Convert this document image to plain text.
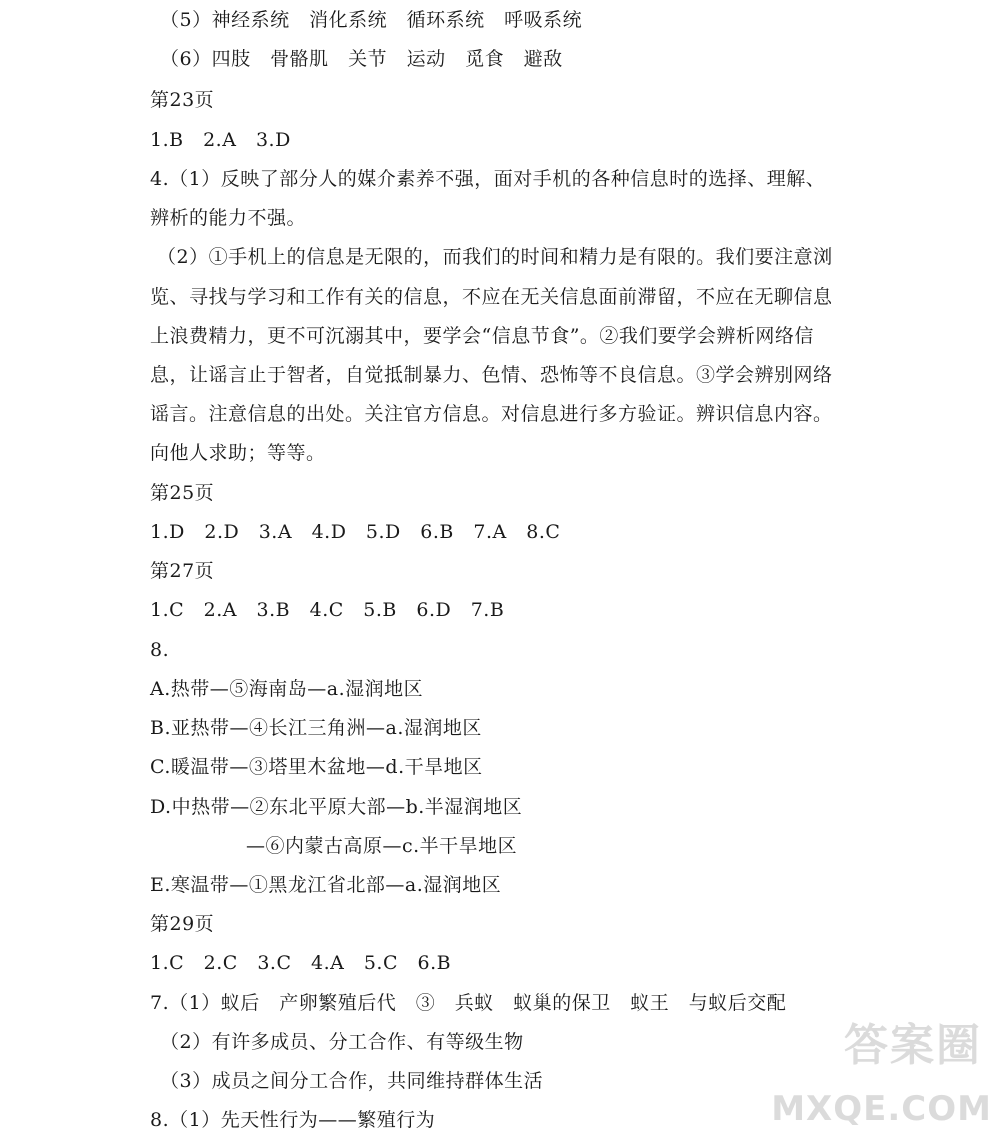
（5）神经系统　消化系统　循环系统　呼吸系统
（6）四肢　骨骼肌　关节　运动　觅食　避敌
第23页
1.B　2.A　3.D
4.（1）反映了部分人的媒介素养不强，面对手机的各种信息时的选择、理解、
辨析的能力不强。
（2）①手机上的信息是无限的，而我们的时间和精力是有限的。我们要注意浏
览、寻找与学习和工作有关的信息，不应在无关信息面前滞留，不应在无聊信息
上浪费精力，更不可沉溺其中，要学会“信息节食”。②我们要学会辨析网络信
息，让谣言止于智者，自觉抵制暴力、色情、恐怖等不良信息。③学会辨别网络
谣言。注意信息的出处。关注官方信息。对信息进行多方验证。辨识信息内容。
向他人求助；等等。
第25页
1.D　2.D　3.A　4.D　5.D　6.B　7.A　8.C
第27页
1.C　2.A　3.B　4.C　5.B　6.D　7.B
8.
A.热带—⑤海南岛—a.湿润地区
B.亚热带—④长江三角洲—a.湿润地区
C.暖温带—③塔里木盆地—d.干旱地区
D.中热带—②东北平原大部—b.半湿润地区
—⑥内蒙古高原—c.半干旱地区
E.寒温带—①黑龙江省北部—a.湿润地区
第29页
1.C　2.C　3.C　4.A　5.C　6.B
7.（1）蚁后　产卵繁殖后代　③　兵蚁　蚁巢的保卫　蚁王　与蚁后交配
（2）有许多成员、分工合作、有等级生物
（3）成员之间分工合作，共同维持群体生活
8.（1）先天性行为——繁殖行为
答案圈
MXQE.COM
